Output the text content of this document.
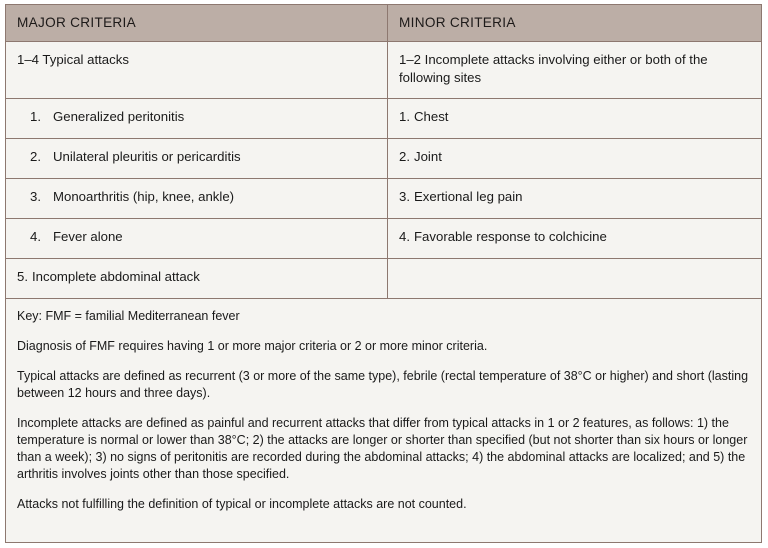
MAJOR CRITERIA	MINOR CRITERIA
1–4 Typical attacks	1–2 Incomplete attacks involving either or both of the following sites
1. Generalized peritonitis	1. Chest
2. Unilateral pleuritis or pericarditis	2. Joint
3. Monoarthritis (hip, knee, ankle)	3. Exertional leg pain
4. Fever alone	4. Favorable response to colchicine
5. Incomplete abdominal attack

Key: FMF = familial Mediterranean fever

Diagnosis of FMF requires having 1 or more major criteria or 2 or more minor criteria.

Typical attacks are defined as recurrent (3 or more of the same type), febrile (rectal temperature of 38°C or higher) and short (lasting between 12 hours and three days).

Incomplete attacks are defined as painful and recurrent attacks that differ from typical attacks in 1 or 2 features, as follows: 1) the temperature is normal or lower than 38°C; 2) the attacks are longer or shorter than specified (but not shorter than six hours or longer than a week); 3) no signs of peritonitis are recorded during the abdominal attacks; 4) the abdominal attacks are localized; and 5) the arthritis involves joints other than those specified.

Attacks not fulfilling the definition of typical or incomplete attacks are not counted.
